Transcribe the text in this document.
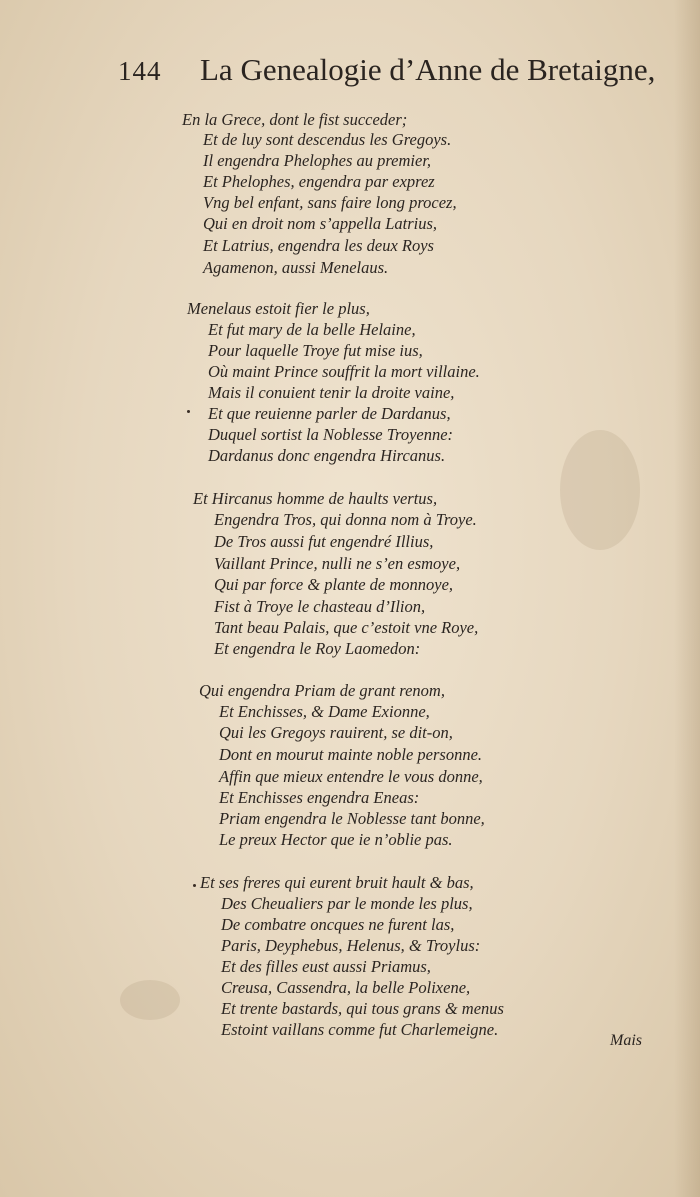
144 La Genealogie d’Anne de Bretaigne,
En la Grece, dont le fist succeder;
Et de luy sont descendus les Gregoys.
Il engendra Phelophes au premier,
Et Phelophes, engendra par exprez
Vng bel enfant, sans faire long procez,
Qui en droit nom s’appella Latrius,
Et Latrius, engendra les deux Roys
Agamenon, aussi Menelaus.
Menelaus estoit fier le plus,
Et fut mary de la belle Helaine,
Pour laquelle Troye fut mise ius,
Où maint Prince souffrit la mort villaine.
Mais il conuient tenir la droite vaine,
Et que reuienne parler de Dardanus,
Duquel sortist la Noblesse Troyenne:
Dardanus donc engendra Hircanus.
Et Hircanus homme de haults vertus,
Engendra Tros, qui donna nom à Troye.
De Tros aussi fut engendré Illius,
Vaillant Prince, nulli ne s’en esmoye,
Qui par force & plante de monnoye,
Fist à Troye le chasteau d’Ilion,
Tant beau Palais, que c’estoit vne Roye,
Et engendra le Roy Laomedon:
Qui engendra Priam de grant renom,
Et Enchisses, & Dame Exionne,
Qui les Gregoys rauirent, se dit-on,
Dont en mourut mainte noble personne.
Affin que mieux entendre le vous donne,
Et Enchisses engendra Eneas:
Priam engendra le Noblesse tant bonne,
Le preux Hector que ie n’oblie pas.
Et ses freres qui eurent bruit hault & bas,
Des Cheualiers par le monde les plus,
De combatre oncques ne furent las,
Paris, Deyphebus, Helenus, & Troylus:
Et des filles eust aussi Priamus,
Creusa, Cassendra, la belle Polixene,
Et trente bastards, qui tous grans & menus
Estoint vaillans comme fut Charlemeigne.
Mais
